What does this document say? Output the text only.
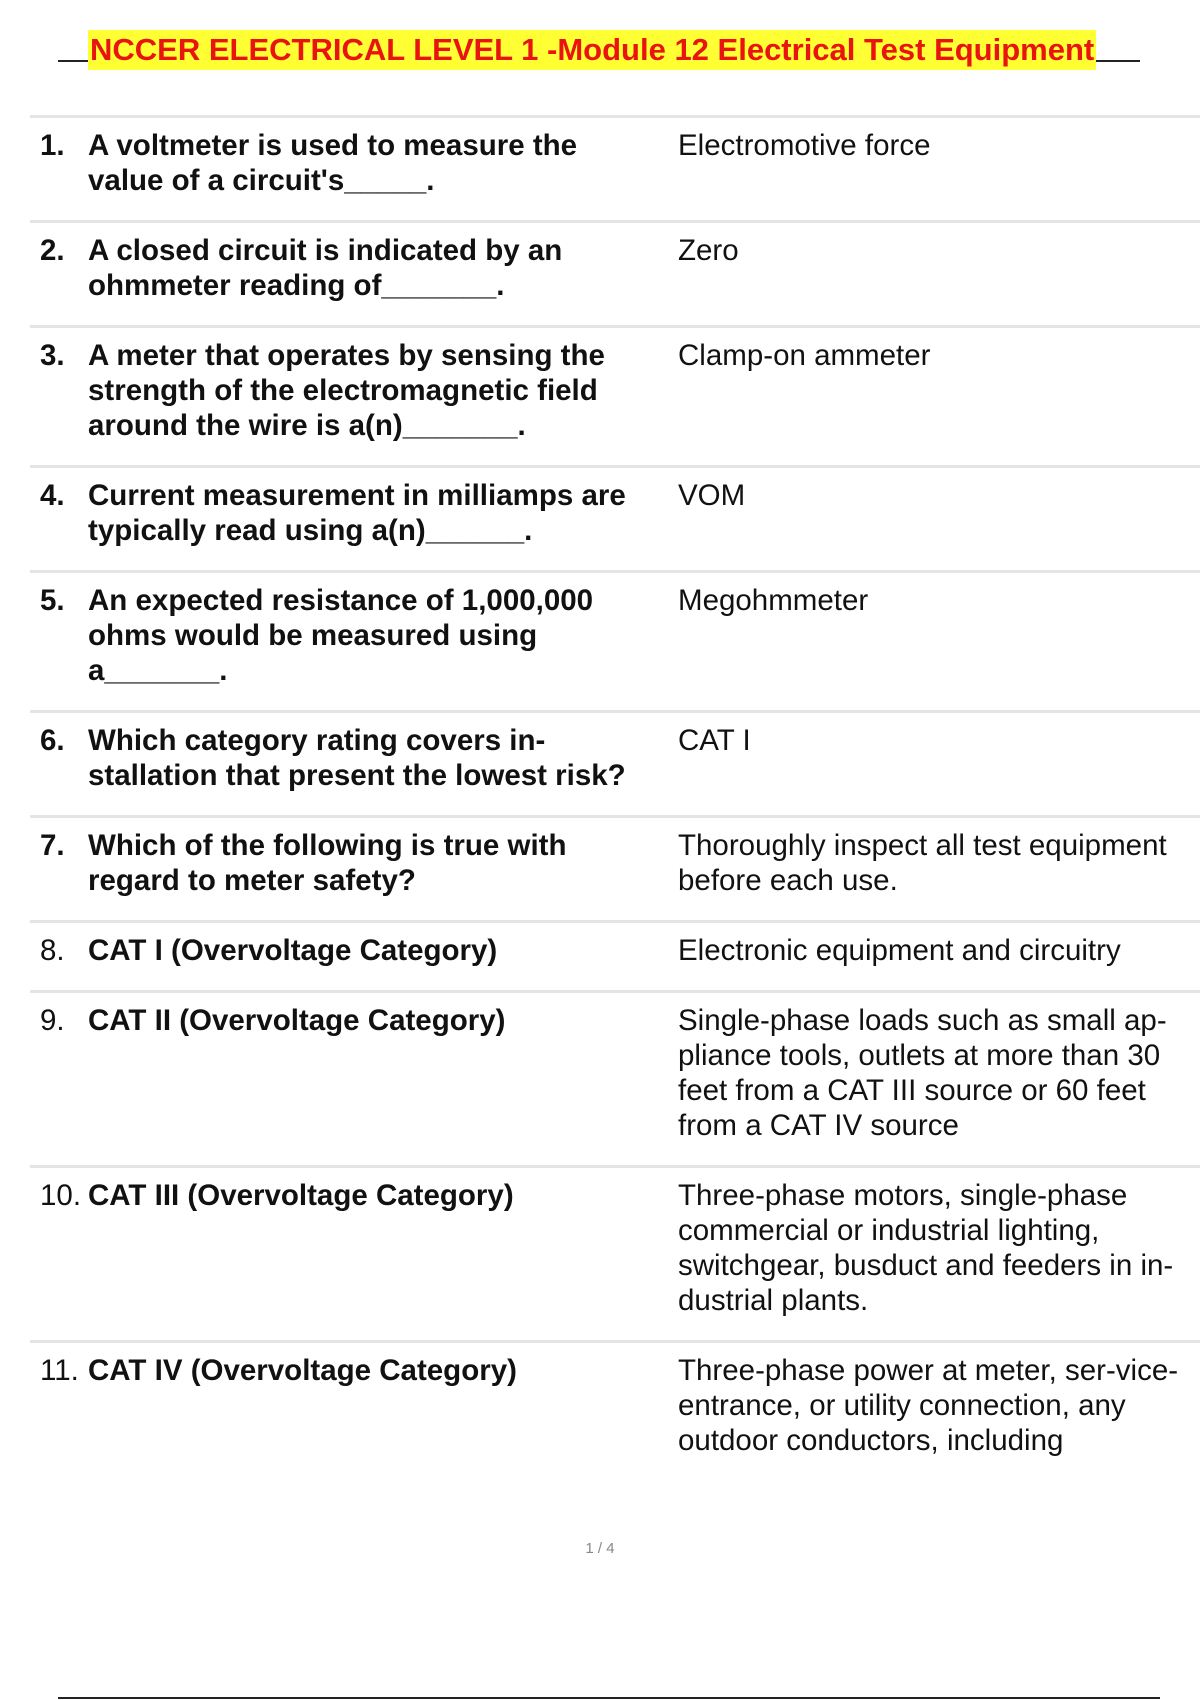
NCCER ELECTRICAL LEVEL 1 -Module 12 Electrical Test Equipment
1.	A voltmeter is used to measure the value of a circuit's_____.	Electromotive force
2.	A closed circuit is indicated by an ohmmeter reading of_______.	Zero
3.	A meter that operates by sensing the strength of the electromagnetic field around the wire is a(n)_______.	Clamp-on ammeter
4.	Current measurement in milliamps are typically read using a(n)______.	VOM
5.	An expected resistance of 1,000,000 ohms would be measured using a_______.	Megohmmeter
6.	Which category rating covers in-stallation that present the lowest risk?	CAT I
7.	Which of the following is true with regard to meter safety?	Thoroughly inspect all test equipment before each use.
8.	CAT I (Overvoltage Category)	Electronic equipment and circuitry
9.	CAT II (Overvoltage Category)	Single-phase loads such as small ap-pliance tools, outlets at more than 30 feet from a CAT III source or 60 feet from a CAT IV source
10.	CAT III (Overvoltage Category)	Three-phase motors, single-phase commercial or industrial lighting, switchgear, busduct and feeders in in-dustrial plants.
11.	CAT IV (Overvoltage Category)	Three-phase power at meter, ser-vice-entrance, or utility connection, any outdoor conductors, including
1 / 4
